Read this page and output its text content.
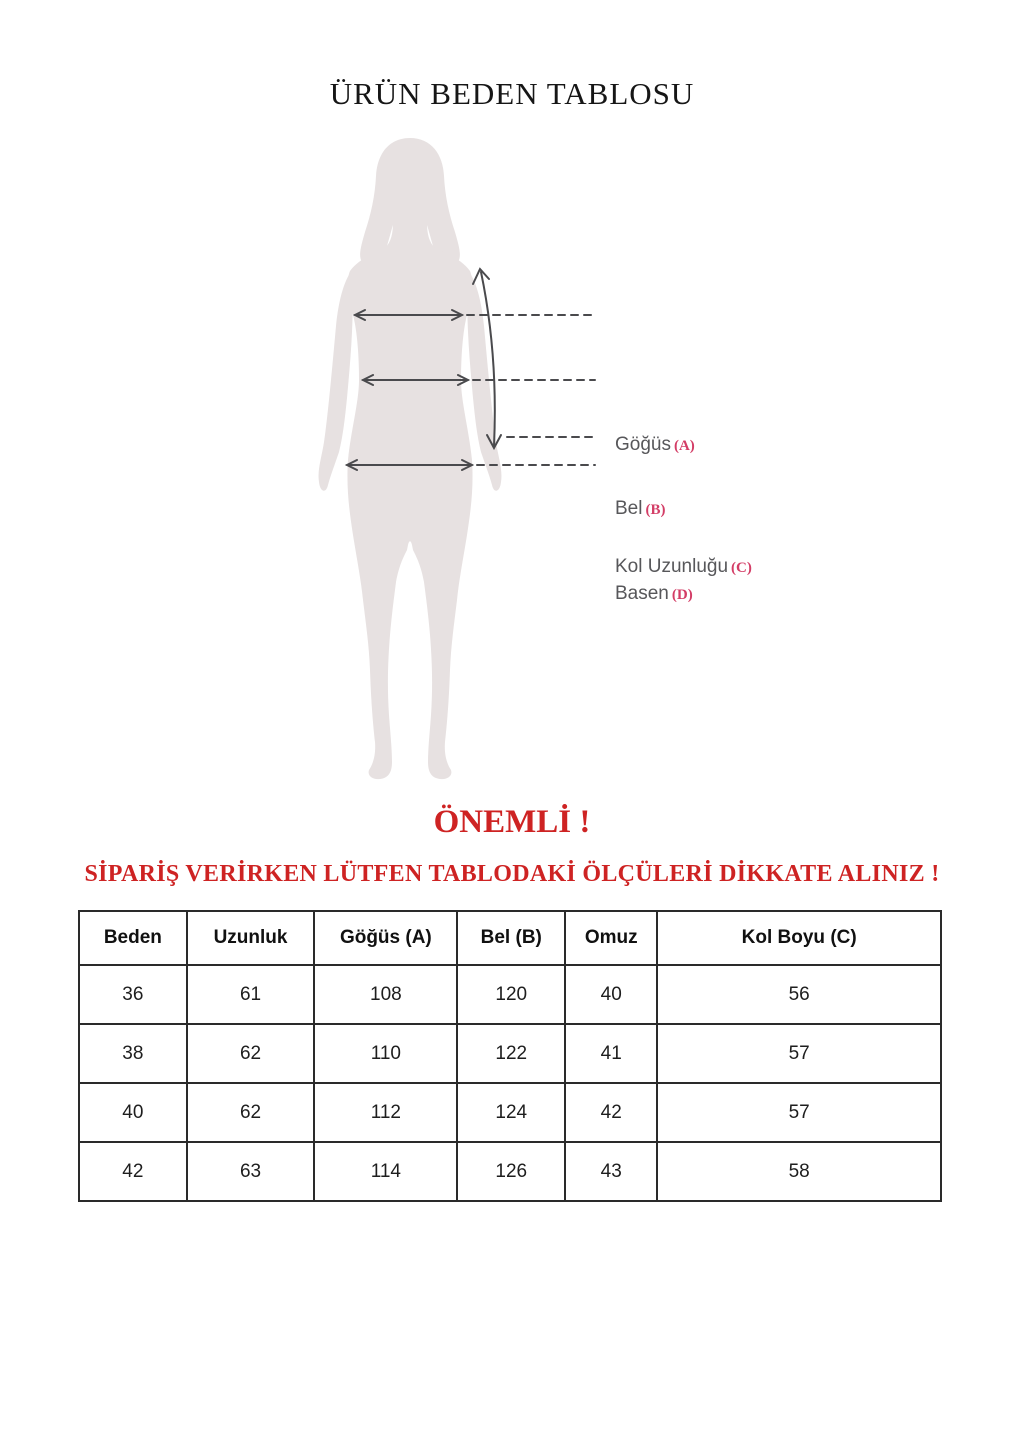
ÜRÜN BEDEN TABLOSU
Göğüs (A)
Bel (B)
Kol Uzunluğu (C)
Basen (D)
ÖNEMLİ !

SİPARİŞ VERİRKEN LÜTFEN TABLODAKİ ÖLÇÜLERİ DİKKATE ALINIZ !

Beden	Uzunluk	Göğüs (A)	Bel (B)	Omuz	Kol Boyu (C)
36	61	108	120	40	56
38	62	110	122	41	57
40	62	112	124	42	57
42	63	114	126	43	58
